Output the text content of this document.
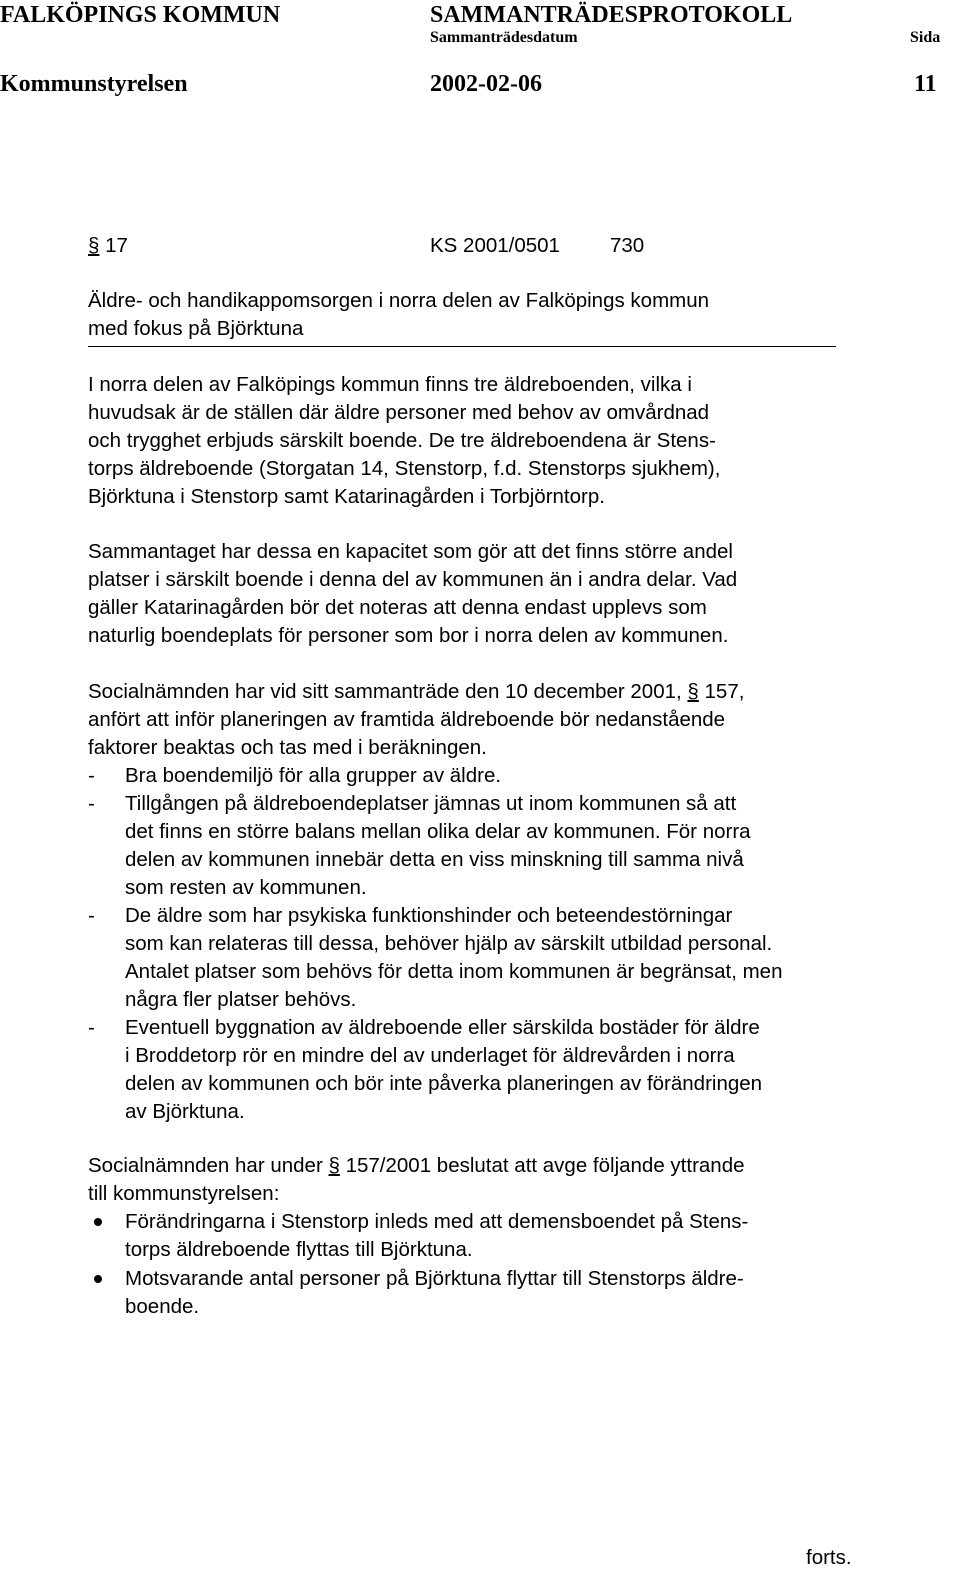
FALKÖPINGS KOMMUN	SAMMANTRÄDESPROTOKOLL
Sammanträdesdatum	Sida
Kommunstyrelsen	2002-02-06	11
§ 17	KS 2001/0501 730
Äldre- och handikappomsorgen i norra delen av Falköpings kommun
med fokus på Björktuna
I norra delen av Falköpings kommun finns tre äldreboenden, vilka i
huvudsak är de ställen där äldre personer med behov av omvårdnad
och trygghet erbjuds särskilt boende. De tre äldreboendena är Stens-
torps äldreboende (Storgatan 14, Stenstorp, f.d. Stenstorps sjukhem),
Björktuna i Stenstorp samt Katarinagården i Torbjörntorp.
Sammantaget har dessa en kapacitet som gör att det finns större andel
platser i särskilt boende i denna del av kommunen än i andra delar. Vad
gäller Katarinagården bör det noteras att denna endast upplevs som
naturlig boendeplats för personer som bor i norra delen av kommunen.
Socialnämnden har vid sitt sammanträde den 10 december 2001, § 157,
anfört att inför planeringen av framtida äldreboende bör nedanstående
faktorer beaktas och tas med i beräkningen.
- Bra boendemiljö för alla grupper av äldre.
- Tillgången på äldreboendeplatser jämnas ut inom kommunen så att
det finns en större balans mellan olika delar av kommunen. För norra
delen av kommunen innebär detta en viss minskning till samma nivå
som resten av kommunen.
- De äldre som har psykiska funktionshinder och beteendestörningar
som kan relateras till dessa, behöver hjälp av särskilt utbildad personal.
Antalet platser som behövs för detta inom kommunen är begränsat, men
några fler platser behövs.
- Eventuell byggnation av äldreboende eller särskilda bostäder för äldre
i Broddetorp rör en mindre del av underlaget för äldrevården i norra
delen av kommunen och bör inte påverka planeringen av förändringen
av Björktuna.
Socialnämnden har under § 157/2001 beslutat att avge följande yttrande
till kommunstyrelsen:
Förändringarna i Stenstorp inleds med att demensboendet på Stens-
torps äldreboende flyttas till Björktuna.
Motsvarande antal personer på Björktuna flyttar till Stenstorps äldre-
boende.
forts.
